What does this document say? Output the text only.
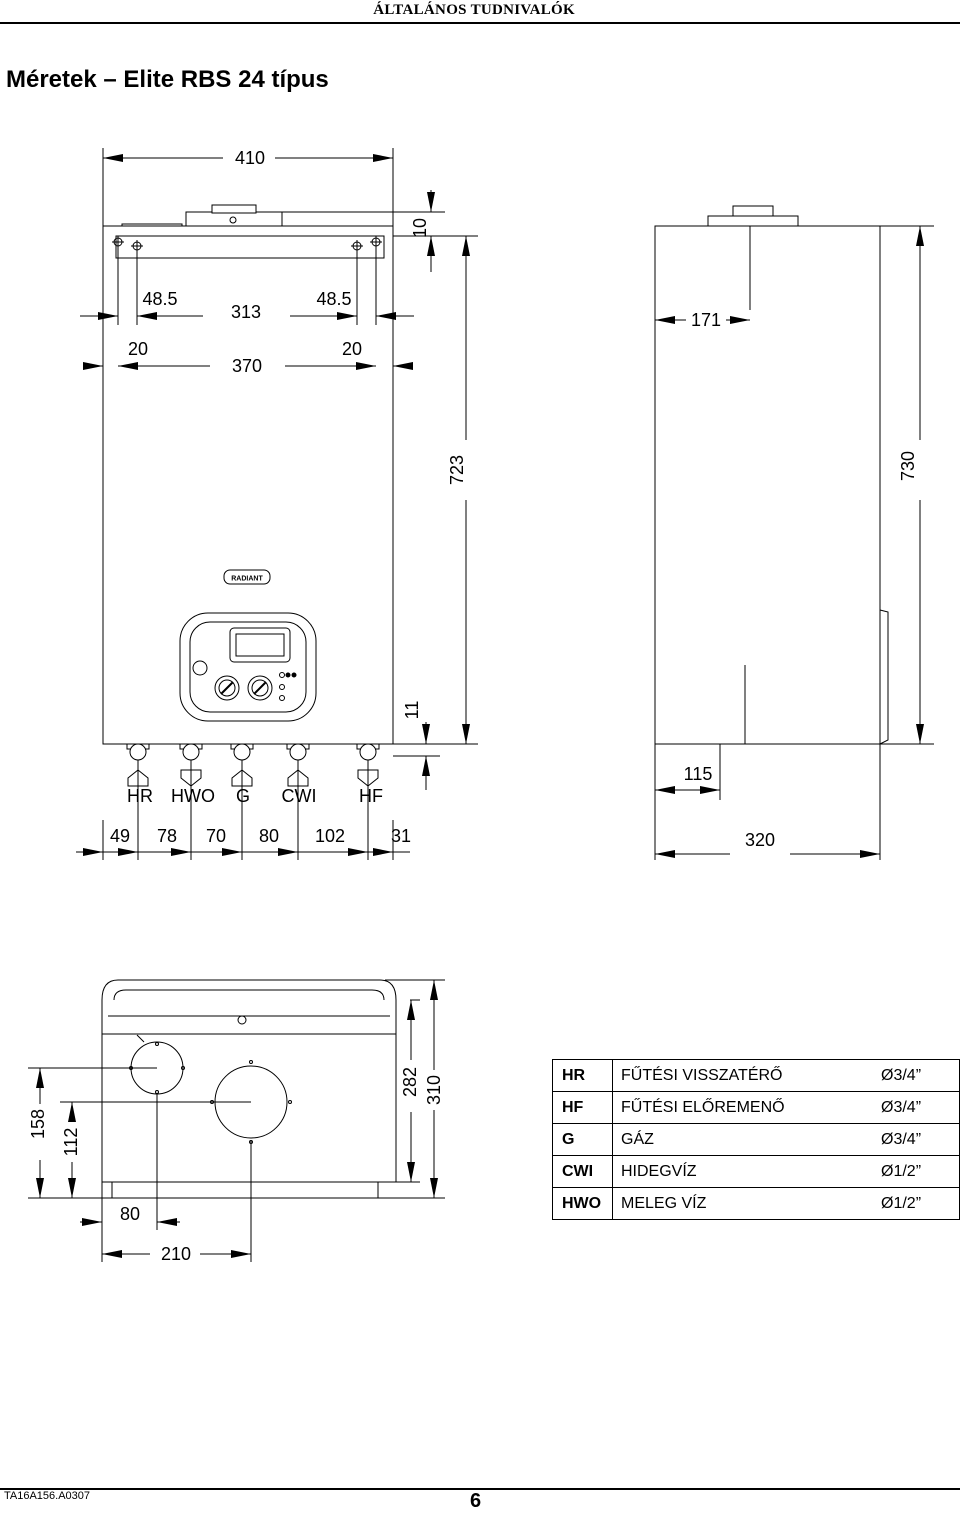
ÁLTALÁNOS TUDNIVALÓK
Méretek – Elite RBS 24 típus
RADIANT
410
10
48.5
313
48.5
20
370
20
723
11
HR HWO G CWI HF
49 78 70 80 102	31
171
730
115
320
158
112
282 310
80
210
HR	FŰTÉSI VISSZATÉRŐ	Ø3/4”
HF	FŰTÉSI ELŐREMENŐ	Ø3/4”
G	GÁZ	Ø3/4”
CWI	HIDEGVÍZ	Ø1/2”
HWO	MELEG VÍZ	Ø1/2”
TA16A156.A0307	6
